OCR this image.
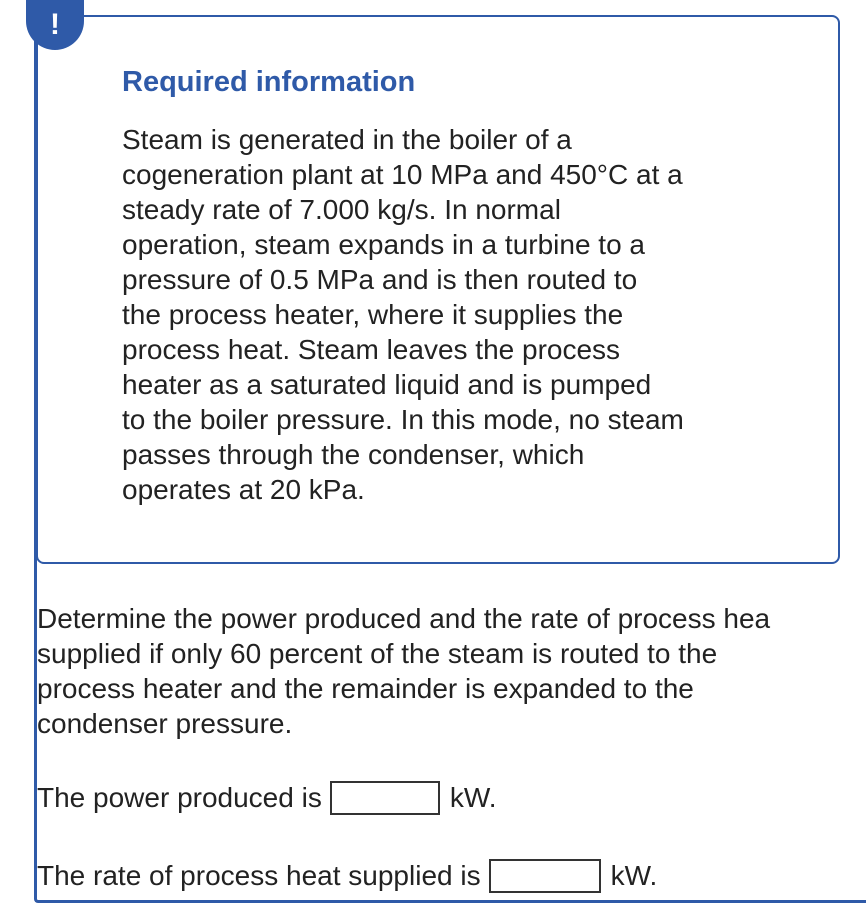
!
Required information
Steam is generated in the boiler of a
cogeneration plant at 10 MPa and 450°C at a
steady rate of 7.000 kg/s. In normal
operation, steam expands in a turbine to a
pressure of 0.5 MPa and is then routed to
the process heater, where it supplies the
process heat. Steam leaves the process
heater as a saturated liquid and is pumped
to the boiler pressure. In this mode, no steam
passes through the condenser, which
operates at 20 kPa.
Determine the power produced and the rate of process hea
supplied if only 60 percent of the steam is routed to the
process heater and the remainder is expanded to the
condenser pressure.
The power produced is	kW.
The rate of process heat supplied is	kW.
